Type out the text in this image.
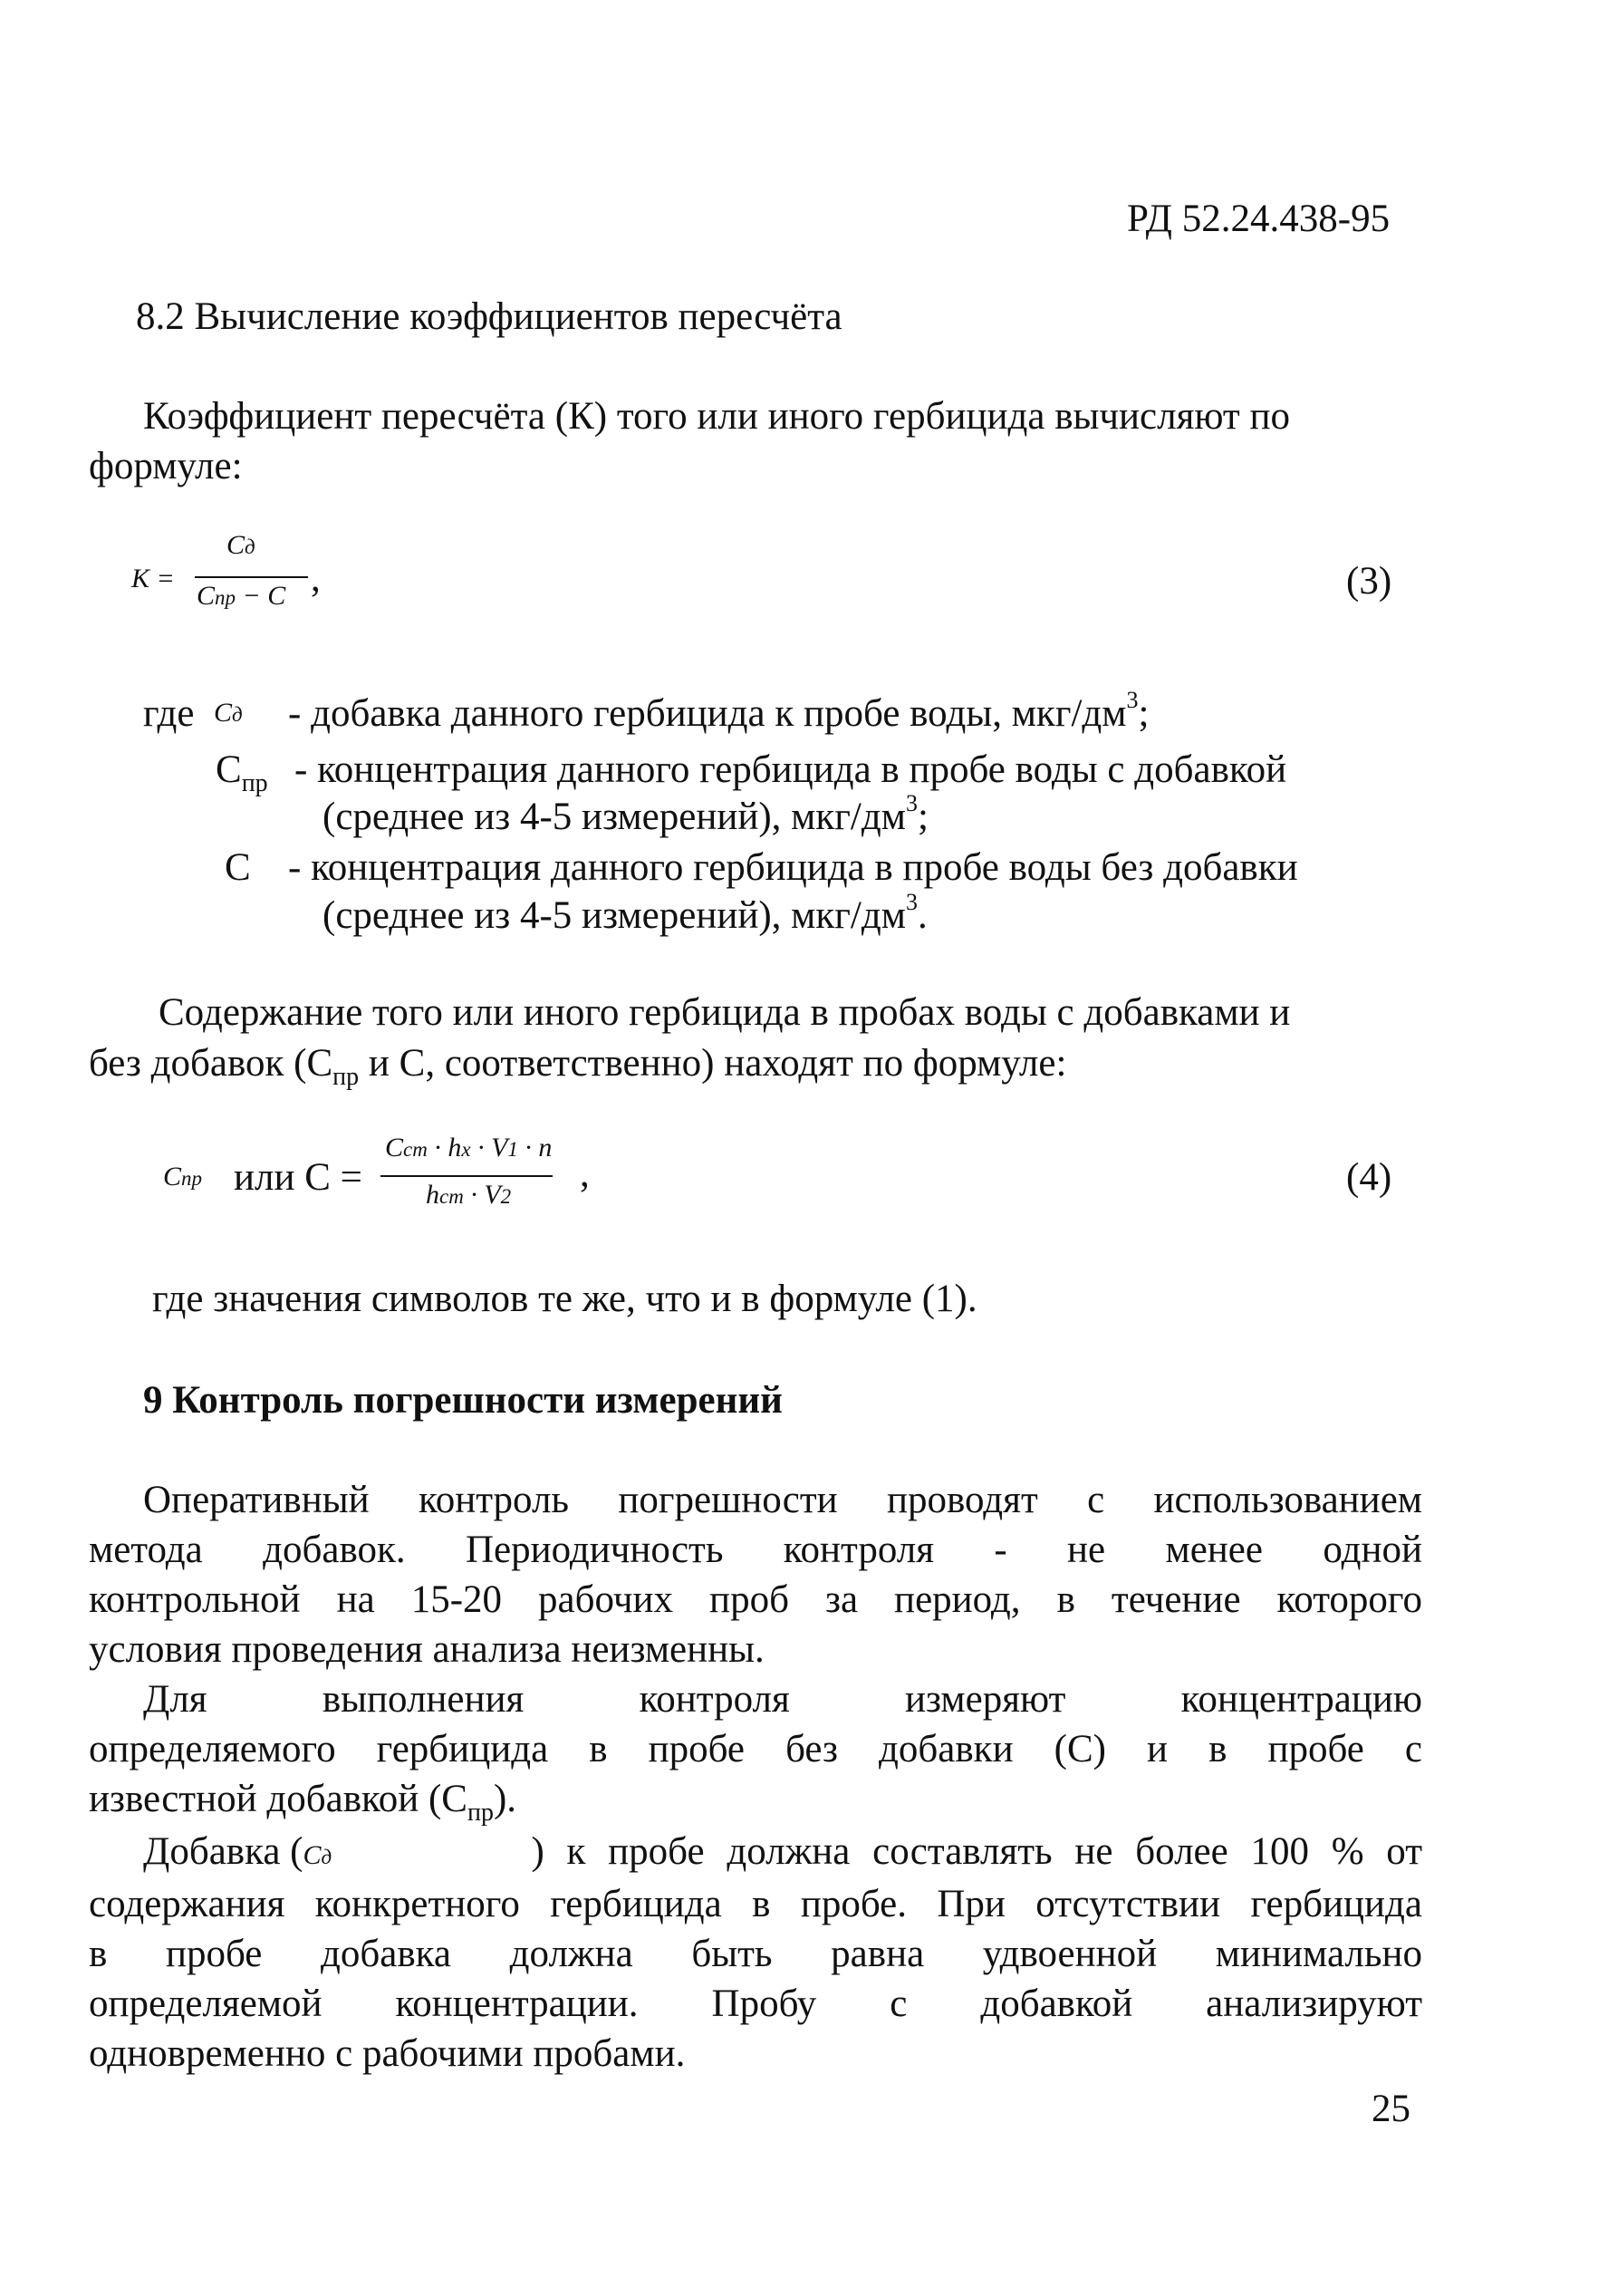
РД 52.24.438-95
8.2 Вычисление коэффициентов пересчёта
Коэффициент пересчёта (К) того или иного гербицида вычисляют по
формуле:
K =
Cд
Cпр − C ,	(3)
где Cд - добавка данного гербицида к пробе воды, мкг/$дм^3$;
$C_{пр}$ - концентрация данного гербицида в пробе воды с добавкой
(среднее из 4-5 измерений), мкг/$дм^3$;
C - концентрация данного гербицида в пробе воды без добавки
(среднее из 4-5 измерений), мкг/$дм^3$.
Содержание того или иного гербицида в пробах воды с добавками и
без добавок ($С_{пр}$ и С, соответственно) находят по формуле:
Cпр или С =
Cст · hх · V1 · n
hст · V2
,	(4)
где значения символов те же, что и в формуле (1).
9 Контроль погрешности измерений
Оперативный контроль погрешности проводят с использованием
метода добавок. Периодичность контроля - не менее одной
контрольной на 15-20 рабочих проб за период, в течение которого
условия проведения анализа неизменны.
Для выполнения контроля измеряют концентрацию
определяемого гербицида в пробе без добавки (С) и в пробе с
известной добавкой $(С_{пр})$.
Добавка (Cд	) к пробе должна составлять не более 100 % от
содержания конкретного гербицида в пробе. При отсутствии гербицида
в пробе добавка должна быть равна удвоенной минимально
определяемой концентрации. Пробу с добавкой анализируют
одновременно с рабочими пробами.
25
